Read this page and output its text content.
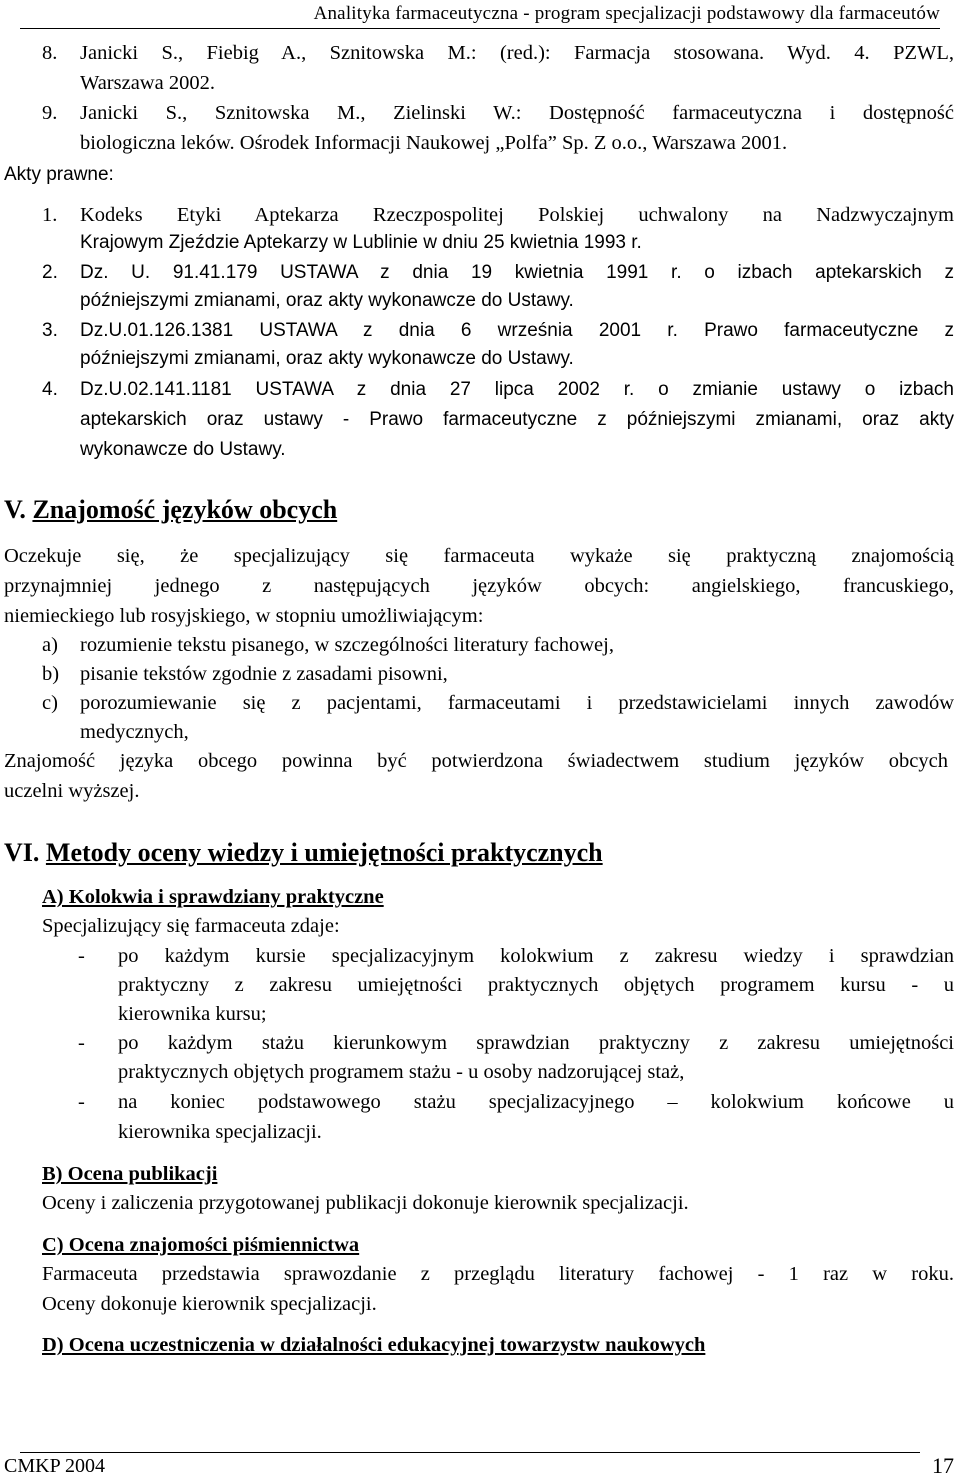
Analityka farmaceutyczna - program specjalizacji podstawowy dla farmaceutów
8. Janicki S., Fiebig A., Sznitowska M.: (red.): Farmacja stosowana. Wyd. 4. PZWL,
Warszawa 2002.
9. Janicki S., Sznitowska M., Zielinski W.: Dostępność farmaceutyczna i dostępność
biologiczna leków. Ośrodek Informacji Naukowej „Polfa” Sp. Z o.o., Warszawa 2001.
Akty prawne:
1. Kodeks Etyki Aptekarza Rzeczpospolitej Polskiej uchwalony na Nadzwyczajnym
Krajowym Zjeździe Aptekarzy w Lublinie w dniu 25 kwietnia 1993 r.
2. Dz. U. 91.41.179 USTAWA z dnia 19 kwietnia 1991 r. o izbach aptekarskich z
późniejszymi zmianami, oraz akty wykonawcze do Ustawy.
3. Dz.U.01.126.1381 USTAWA z dnia 6 września 2001 r. Prawo farmaceutyczne z
późniejszymi zmianami, oraz akty wykonawcze do Ustawy.
4. Dz.U.02.141.1181 USTAWA z dnia 27 lipca 2002 r. o zmianie ustawy o izbach
aptekarskich oraz ustawy - Prawo farmaceutyczne z późniejszymi zmianami, oraz akty
wykonawcze do Ustawy.
V. Znajomość języków obcych
Oczekuje się, że specjalizujący się farmaceuta wykaże się praktyczną znajomością
przynajmniej jednego z następujących języków obcych: angielskiego, francuskiego,
niemieckiego lub rosyjskiego, w stopniu umożliwiającym:
a) rozumienie tekstu pisanego, w szczególności literatury fachowej,
b) pisanie tekstów zgodnie z zasadami pisowni,
c) porozumiewanie się z pacjentami, farmaceutami i przedstawicielami innych zawodów
medycznych,
Znajomość języka obcego powinna być potwierdzona świadectwem studium języków obcych
uczelni wyższej.
VI. Metody oceny wiedzy i umiejętności praktycznych
A) Kolokwia i sprawdziany praktyczne
Specjalizujący się farmaceuta zdaje:
- po każdym kursie specjalizacyjnym kolokwium z zakresu wiedzy i sprawdzian
praktyczny z zakresu umiejętności praktycznych objętych programem kursu - u
kierownika kursu;
- po każdym stażu kierunkowym sprawdzian praktyczny z zakresu umiejętności
praktycznych objętych programem stażu - u osoby nadzorującej staż,
- na koniec podstawowego stażu specjalizacyjnego – kolokwium końcowe u
kierownika specjalizacji.
B) Ocena publikacji
Oceny i zaliczenia przygotowanej publikacji dokonuje kierownik specjalizacji.
C) Ocena znajomości piśmiennictwa
Farmaceuta przedstawia sprawozdanie z przeglądu literatury fachowej - 1 raz w roku.
Oceny dokonuje kierownik specjalizacji.
D) Ocena uczestniczenia w działalności edukacyjnej towarzystw naukowych
CMKP 2004	17
